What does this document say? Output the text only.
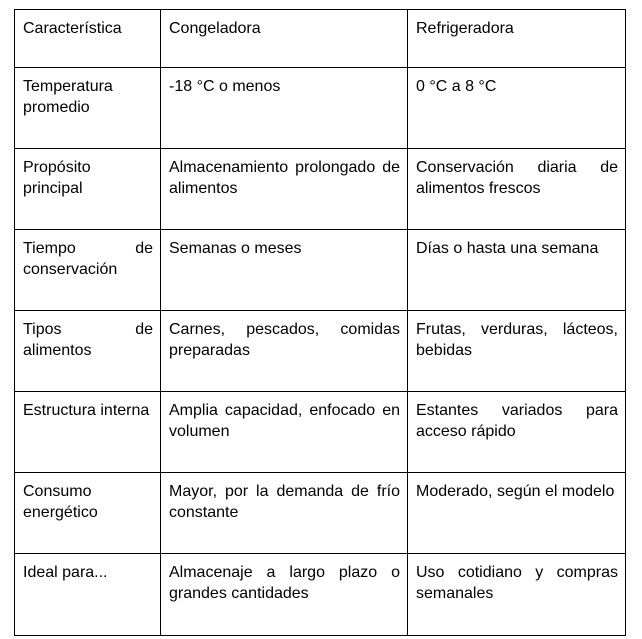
Característica	Congeladora	Refrigeradora
Temperatura promedio	-18 °C o menos	0 °C a 8 °C
Propósito principal	Almacenamiento prolongado de alimentos	Conservación diaria de alimentos frescos
Tiempo de conservación	Semanas o meses	Días o hasta una semana
Tipos de alimentos	Carnes, pescados, comidas preparadas	Frutas, verduras, lácteos, bebidas
Estructura interna	Amplia capacidad, enfocado en volumen	Estantes variados para acceso rápido
Consumo energético	Mayor, por la demanda de frío constante	Moderado, según el modelo
Ideal para...	Almacenaje a largo plazo o grandes cantidades	Uso cotidiano y compras semanales
